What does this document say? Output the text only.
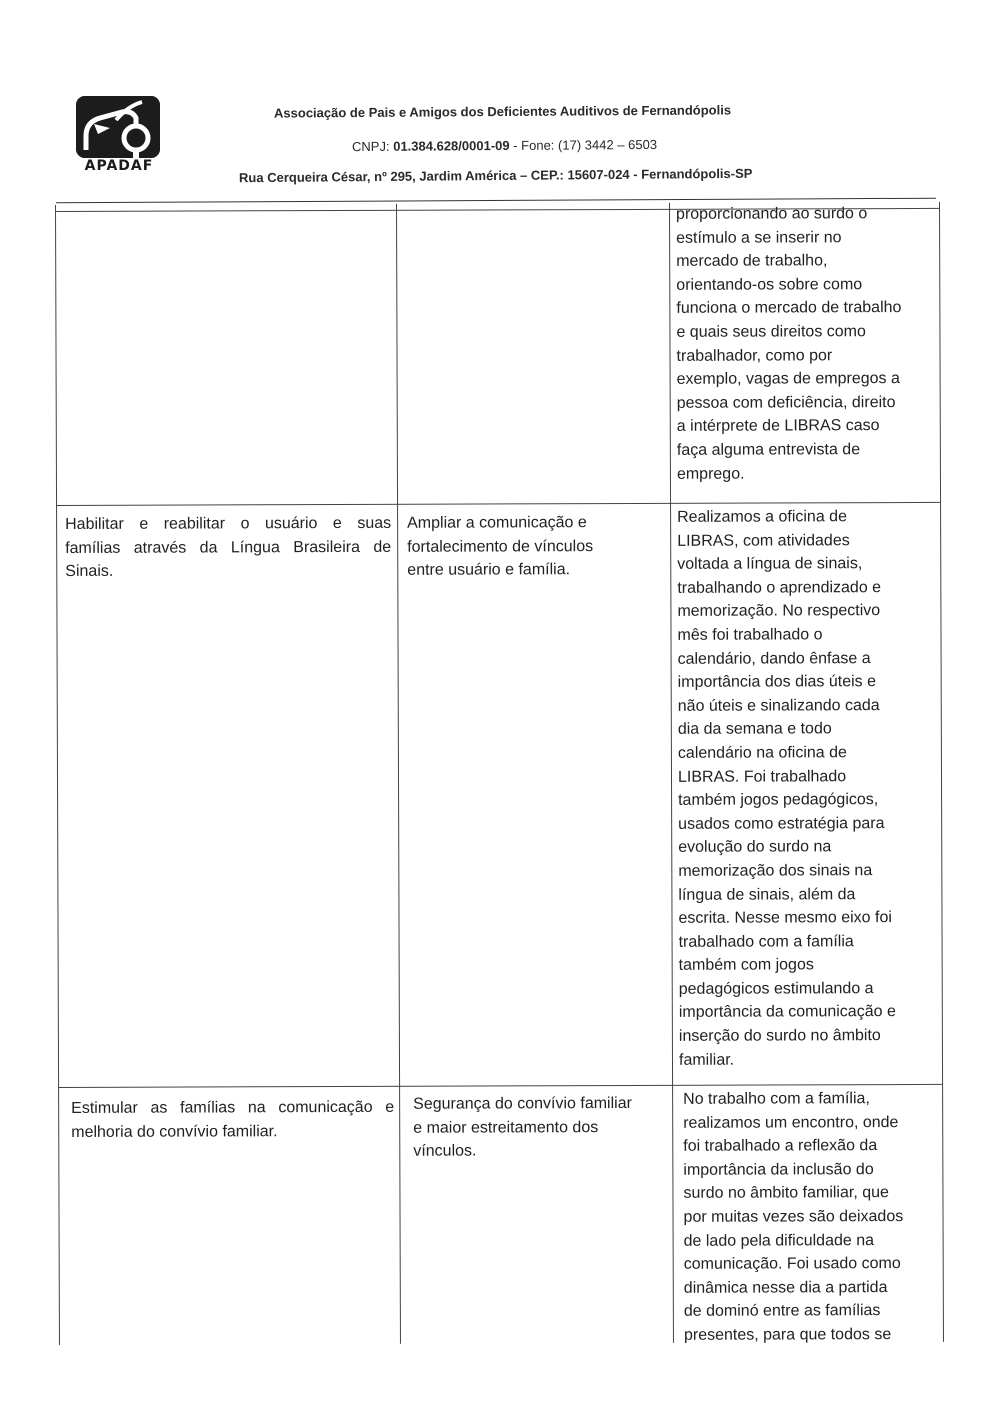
APADAF
Associação de Pais e Amigos dos Deficientes Auditivos de Fernandópolis
CNPJ: 01.384.628/0001-09 - Fone: (17) 3442 – 6503
Rua Cerqueira César, nº 295, Jardim América – CEP.: 15607-024 - Fernandópolis-SP
proporcionando ao surdo o
estímulo a se inserir no
mercado de trabalho,
orientando-os sobre como
funciona o mercado de trabalho
e quais seus direitos como
trabalhador, como por
exemplo, vagas de empregos a
pessoa com deficiência, direito
a intérprete de LIBRAS caso
faça alguma entrevista de
emprego.
Habilitar e reabilitar o usuário e suas
famílias através da Língua Brasileira de
Sinais.
Ampliar a comunicação e
fortalecimento de vínculos
entre usuário e família.
Realizamos a oficina de
LIBRAS, com atividades
voltada a língua de sinais,
trabalhando o aprendizado e
memorização. No respectivo
mês foi trabalhado o
calendário, dando ênfase a
importância dos dias úteis e
não úteis e sinalizando cada
dia da semana e todo
calendário na oficina de
LIBRAS. Foi trabalhado
também jogos pedagógicos,
usados como estratégia para
evolução do surdo na
memorização dos sinais na
língua de sinais, além da
escrita. Nesse mesmo eixo foi
trabalhado com a família
também com jogos
pedagógicos estimulando a
importância da comunicação e
inserção do surdo no âmbito
familiar.
Estimular as famílias na comunicação e
melhoria do convívio familiar.
Segurança do convívio familiar
e maior estreitamento dos
vínculos.
No trabalho com a família,
realizamos um encontro, onde
foi trabalhado a reflexão da
importância da inclusão do
surdo no âmbito familiar, que
por muitas vezes são deixados
de lado pela dificuldade na
comunicação. Foi usado como
dinâmica nesse dia a partida
de dominó entre as famílias
presentes, para que todos se
